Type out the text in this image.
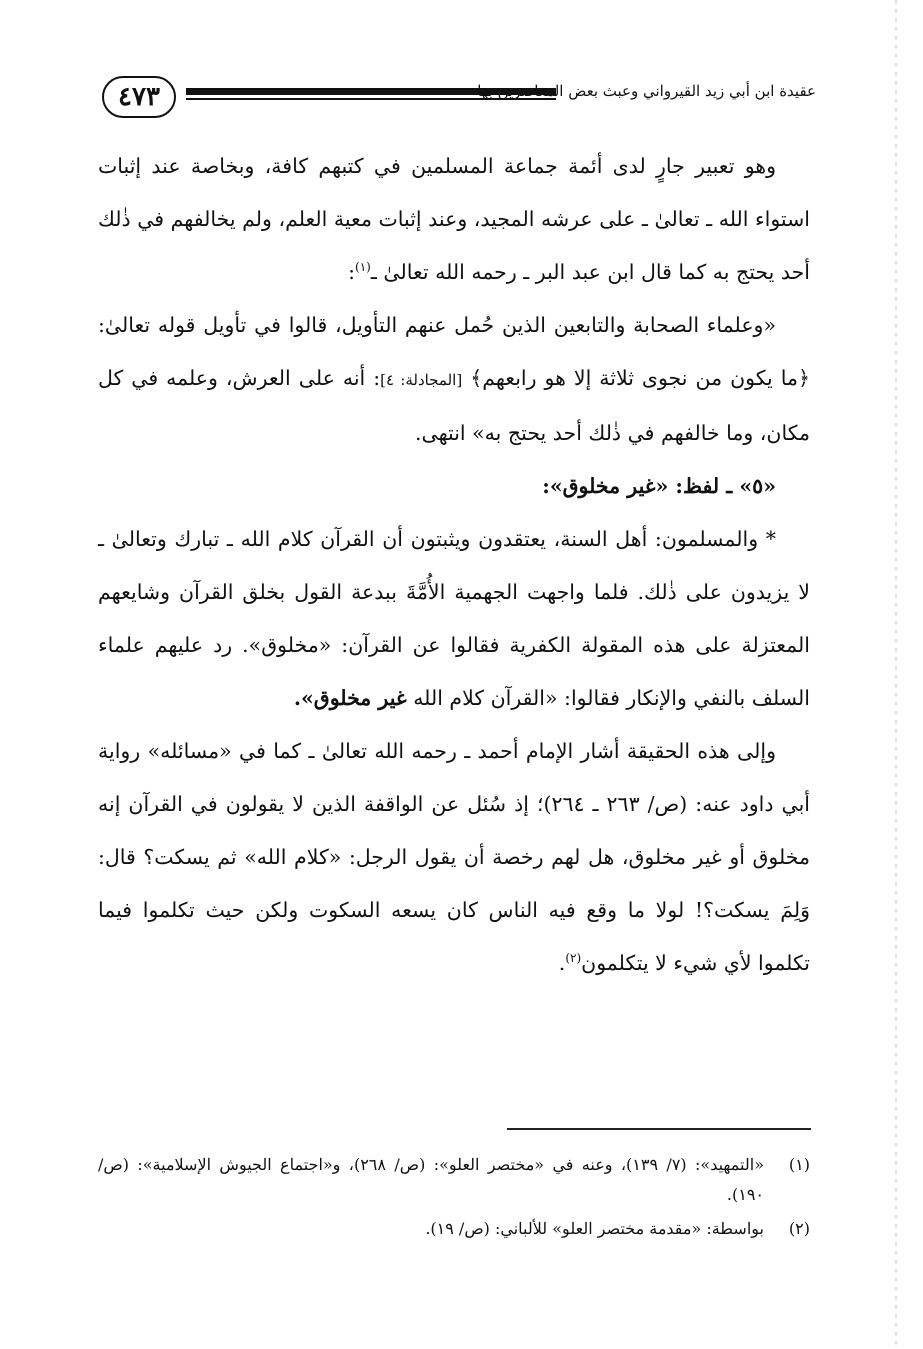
٤٧٣	عقيدة ابن أبي زيد القيرواني وعبث بعض المعاصرين بها

وهو تعبير جارٍ لدى أئمة جماعة المسلمين في كتبهم كافة، وبخاصة عند إثبات استواء الله ـ تعالىٰ ـ على عرشه المجيد، وعند إثبات معية العلم، ولم يخالفهم في ذٰلك أحد يحتج به كما قال ابن عبد البر ـ رحمه الله تعالىٰ ـ$^{(١)}$:

«وعلماء الصحابة والتابعين الذين حُمل عنهم التأويل، قالوا في تأويل قوله تعالىٰ: ﴿ما يكون من نجوى ثلاثة إلا هو رابعهم﴾ [المجادلة: ٤]: أنه على العرش، وعلمه في كل مكان، وما خالفهم في ذٰلك أحد يحتج به» انتهى.

«٥» ـ لفظ: «غير مخلوق»:

* والمسلمون: أهل السنة، يعتقدون ويثبتون أن القرآن كلام الله ـ تبارك وتعالىٰ ـ لا يزيدون على ذٰلك. فلما واجهت الجهمية الأُمَّةَ ببدعة القول بخلق القرآن وشايعهم المعتزلة على هذه المقولة الكفرية فقالوا عن القرآن: «مخلوق». رد عليهم علماء السلف بالنفي والإنكار فقالوا: «القرآن كلام الله غير مخلوق».

وإلى هذه الحقيقة أشار الإمام أحمد ـ رحمه الله تعالىٰ ـ كما في «مسائله» رواية أبي داود عنه: (ص/ ٢٦٣ ـ ٢٦٤)؛ إذ سُئل عن الواقفة الذين لا يقولون في القرآن إنه مخلوق أو غير مخلوق، هل لهم رخصة أن يقول الرجل: «كلام الله» ثم يسكت؟ قال: وَلِمَ يسكت؟! لولا ما وقع فيه الناس كان يسعه السكوت ولكن حيث تكلموا فيما تكلموا لأي شيء لا يتكلمون$^{(٢)}$.

(١)
«التمهيد»: (٧/ ١٣٩)، وعنه في «مختصر العلو»: (ص/ ٢٦٨)، و«اجتماع الجيوش الإسلامية»: (ص/ ١٩٠).

(٢)
بواسطة: «مقدمة مختصر العلو» للألباني: (ص/ ١٩).
